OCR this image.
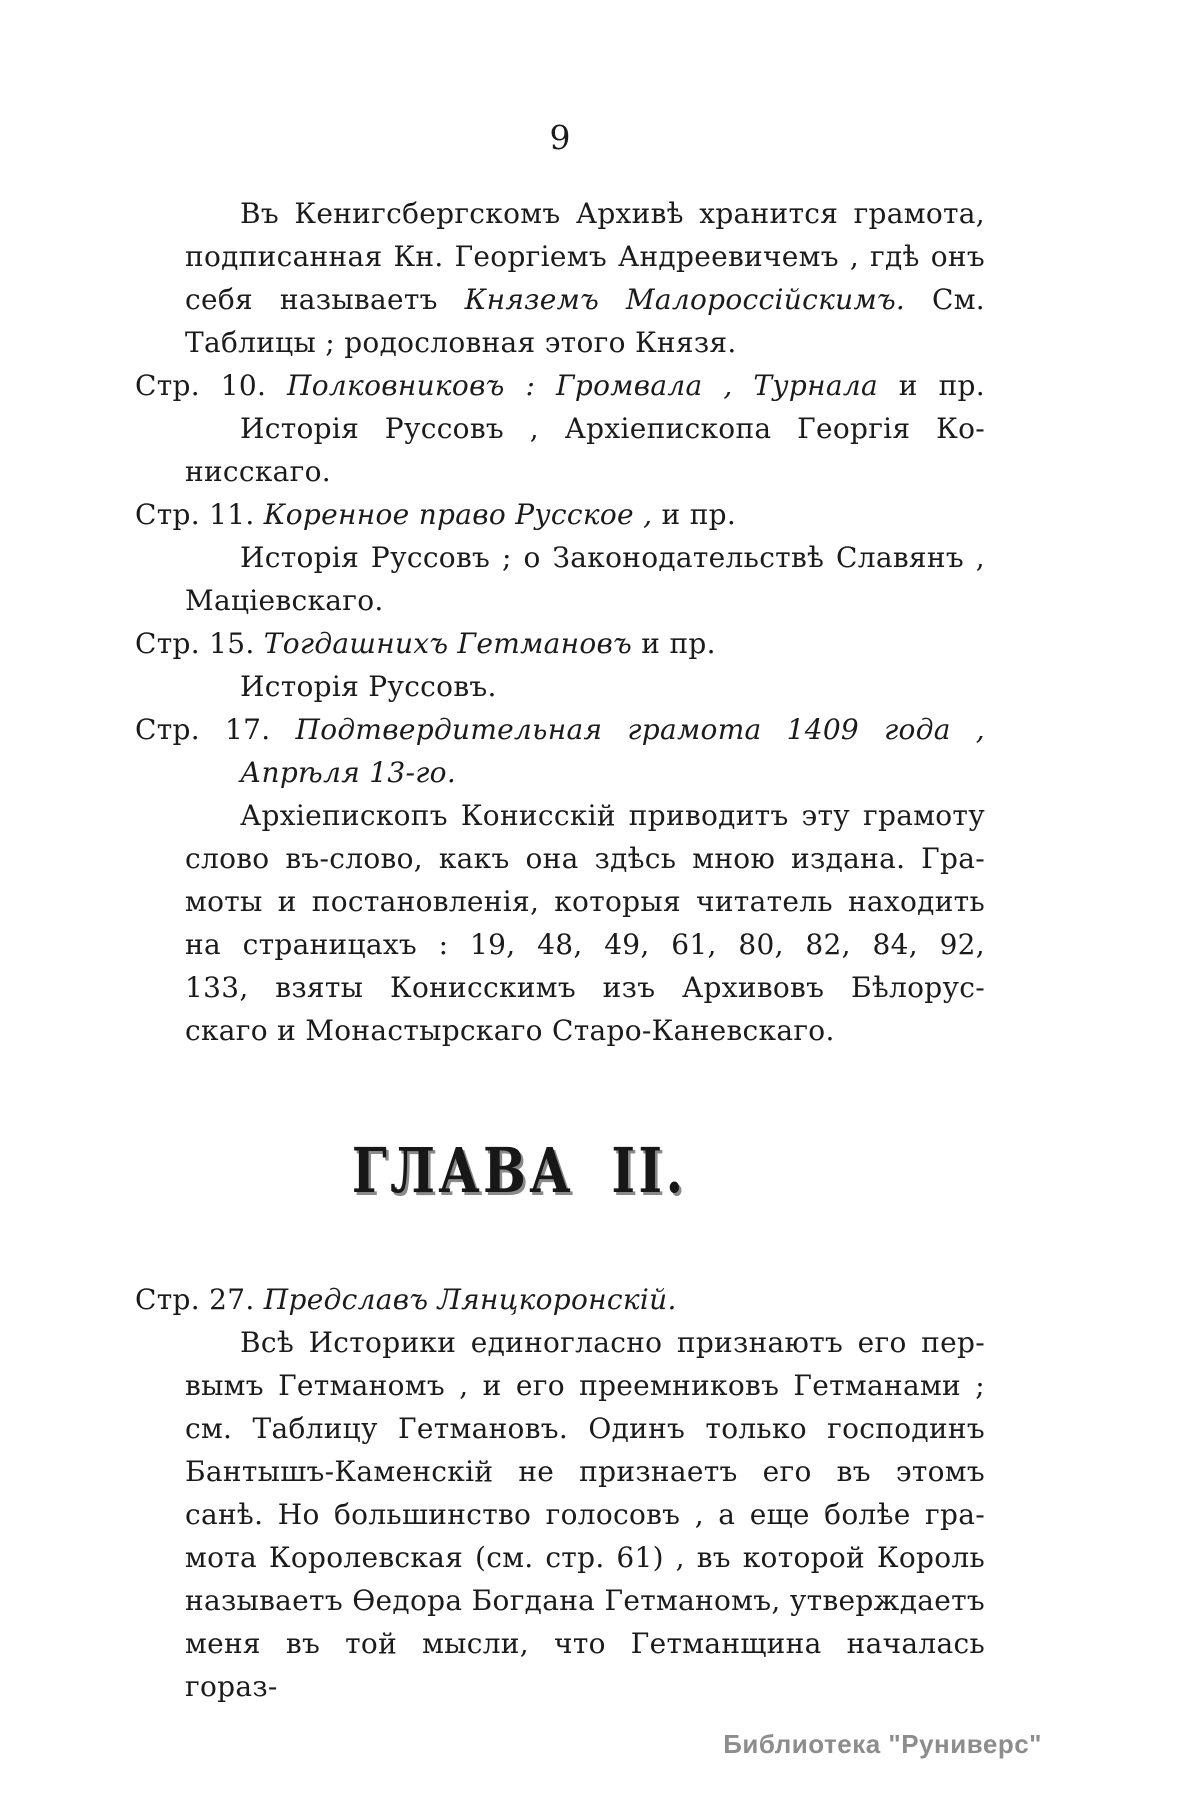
9
Въ Кенигсбергскомъ Архивѣ хранится грамота,
подписанная Кн. Георгіемъ Андреевичемъ , гдѣ онъ
себя называетъ Княземъ Малороссійскимъ. См.
Таблицы ; родословная этого Князя.
Стр. 10. Полковниковъ : Громвала , Турнала и пр.
Исторія Руссовъ , Архіепископа Георгія Ко-
нисскаго.
Стр. 11. Коренное право Русское , и пр.
Исторія Руссовъ ; о Законодательствѣ Славянъ ,
Маціевскаго.
Стр. 15. Тогдашнихъ Гетмановъ и пр.
Исторія Руссовъ.
Стр. 17. Подтвердительная грамота 1409 года ,
Апрѣля 13-го.
Архіепископъ Конисскій приводитъ эту грамоту
слово въ-слово, какъ она здѣсь мною издана. Гра-
моты и постановленія, которыя читатель находить
на страницахъ : 19, 48, 49, 61, 80, 82, 84, 92,
133, взяты Конисскимъ изъ Архивовъ Бѣлорус-
скаго и Монастырскаго Старо-Каневскаго.
ГЛАВА II.
Стр. 27. Предславъ Лянцкоронскій.
Всѣ Историки единогласно признаютъ его пер-
вымъ Гетманомъ , и его преемниковъ Гетманами ;
см. Таблицу Гетмановъ. Одинъ только господинъ
Бантышъ-Каменскій не признаетъ его въ этомъ
санѣ. Но большинство голосовъ , а еще болѣе гра-
мота Королевская (см. стр. 61) , въ которой Король
называетъ Ѳедора Богдана Гетманомъ, утверждаетъ
меня въ той мысли, что Гетманщина началась гораз-
Библиотека "Руниверс"
